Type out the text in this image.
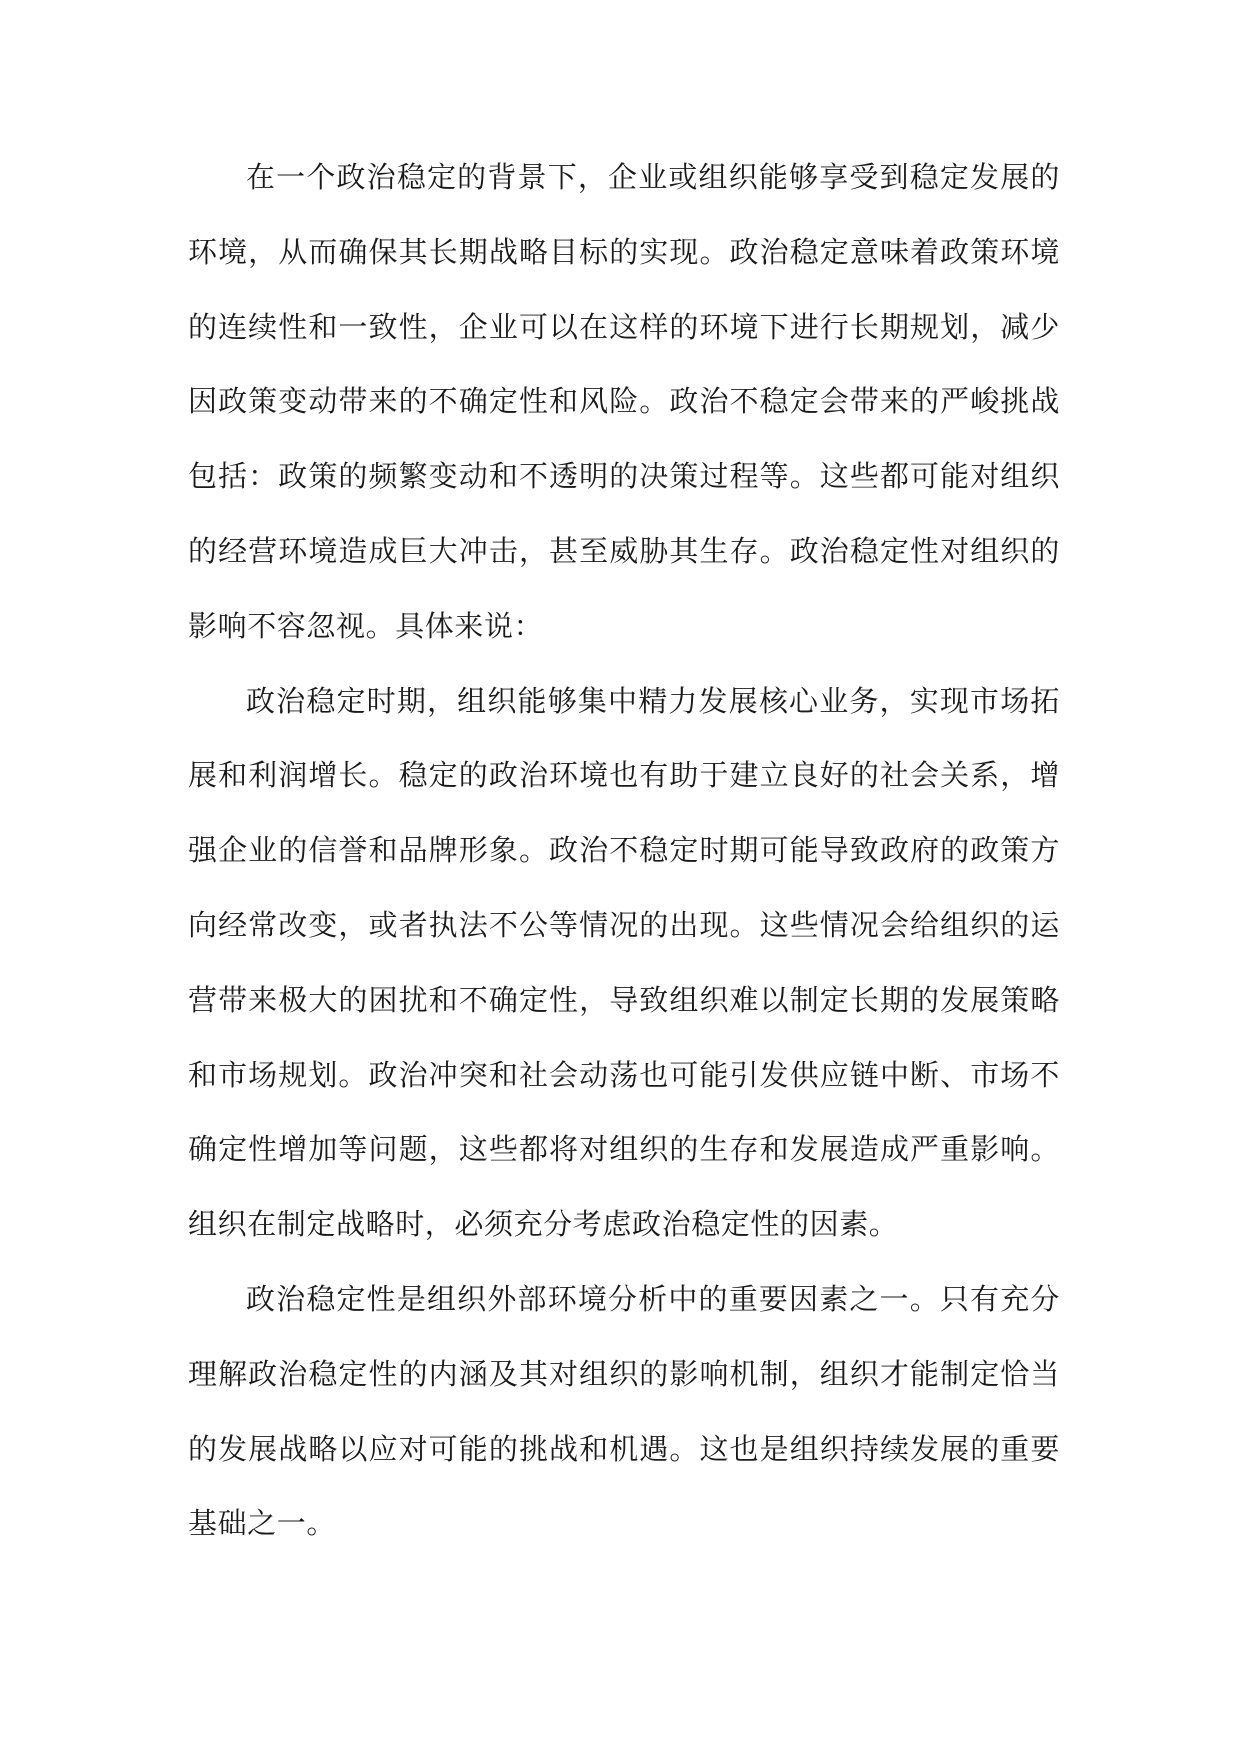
在一个政治稳定的背景下，企业或组织能够享受到稳定发展的环境，从而确保其长期战略目标的实现。政治稳定意味着政策环境的连续性和一致性，企业可以在这样的环境下进行长期规划，减少因政策变动带来的不确定性和风险。政治不稳定会带来的严峻挑战包括：政策的频繁变动和不透明的决策过程等。这些都可能对组织的经营环境造成巨大冲击，甚至威胁其生存。政治稳定性对组织的影响不容忽视。具体来说：

政治稳定时期，组织能够集中精力发展核心业务，实现市场拓展和利润增长。稳定的政治环境也有助于建立良好的社会关系，增强企业的信誉和品牌形象。政治不稳定时期可能导致政府的政策方向经常改变，或者执法不公等情况的出现。这些情况会给组织的运营带来极大的困扰和不确定性，导致组织难以制定长期的发展策略和市场规划。政治冲突和社会动荡也可能引发供应链中断、市场不确定性增加等问题，这些都将对组织的生存和发展造成严重影响。组织在制定战略时，必须充分考虑政治稳定性的因素。

政治稳定性是组织外部环境分析中的重要因素之一。只有充分理解政治稳定性的内涵及其对组织的影响机制，组织才能制定恰当的发展战略以应对可能的挑战和机遇。这也是组织持续发展的重要基础之一。
